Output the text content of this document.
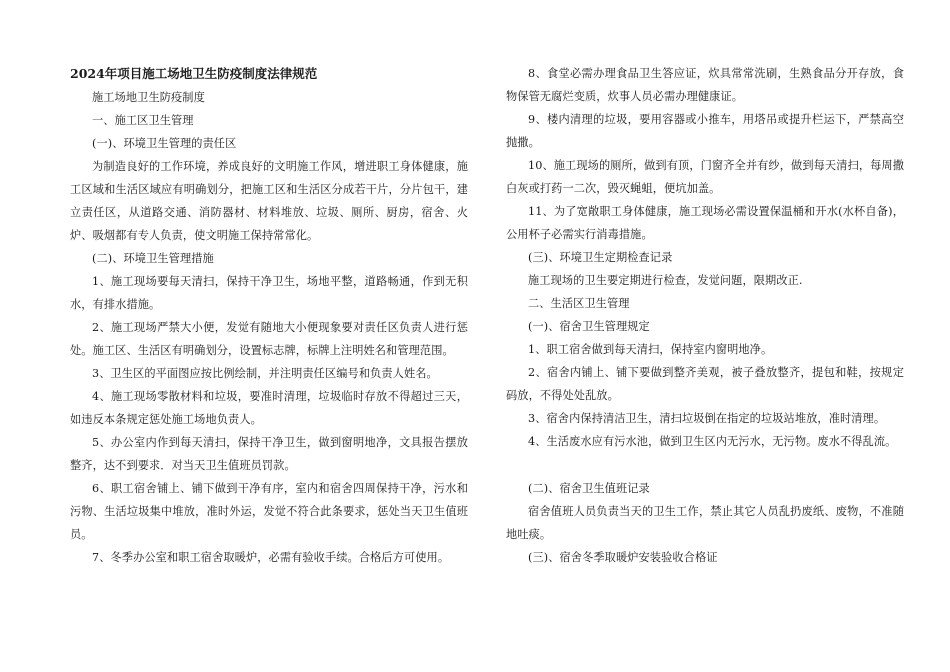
2024年项目施工场地卫生防疫制度法律规范
施工场地卫生防疫制度
一、施工区卫生管理
(一)、环境卫生管理的责任区
为制造良好的工作环境，养成良好的文明施工作风，增进职工身体健康，施工区域和生活区域应有明确划分，把施工区和生活区分成若干片，分片包干，建立责任区，从道路交通、消防器材、材料堆放、垃圾、厕所、厨房，宿舍、火炉、吸烟都有专人负责，使文明施工保持常常化。
(二)、环境卫生管理措施
1、施工现场要每天清扫，保持干净卫生，场地平整，道路畅通，作到无积水，有排水措施。
2、施工现场严禁大小便，发觉有随地大小便现象要对责任区负责人进行惩处。施工区、生活区有明确划分，设置标志牌，标牌上注明姓名和管理范围。
3、卫生区的平面图应按比例绘制，并注明责任区编号和负责人姓名。
4、施工现场零散材料和垃圾，要准时清理，垃圾临时存放不得超过三天，如违反本条规定惩处施工场地负责人。
5、办公室内作到每天清扫，保持干净卫生，做到窗明地净，文具报告摆放整齐，达不到要求．对当天卫生值班员罚款。
6、职工宿舍铺上、铺下做到干净有序，室内和宿舍四周保持干净，污水和污物、生活垃圾集中堆放，准时外运，发觉不符合此条要求，惩处当天卫生值班员。
7、冬季办公室和职工宿舍取暖炉，必需有验收手续。合格后方可使用。
8、食堂必需办理食品卫生答应证，炊具常常洗刷，生熟食品分开存放，食物保管无腐烂变质，炊事人员必需办理健康证。
9、楼内清理的垃圾，要用容器或小推车，用塔吊或提升栏运下，严禁高空抛撒。
10、施工现场的厕所，做到有顶，门窗齐全并有纱，做到每天清扫，每周撒白灰或打药一二次，毁灭蝇蛆，便坑加盖。
11、为了宽敞职工身体健康，施工现场必需设置保温桶和开水(水杯自备)，公用杯子必需实行消毒措施。
(三)、环境卫生定期检查记录
施工现场的卫生要定期进行检查，发觉问题，限期改正.
二、生活区卫生管理
(一)、宿舍卫生管理规定
1、职工宿舍做到每天清扫，保持室内窗明地净。
2、宿舍内铺上、铺下要做到整齐美观，被子叠放整齐，提包和鞋，按规定码放，不得处处乱放。
3、宿舍内保持清洁卫生，清扫垃圾倒在指定的垃圾站堆放，准时清理。
4、生活废水应有污水池，做到卫生区内无污水，无污物。废水不得乱流。
(二)、宿舍卫生值班记录
宿舍值班人员负责当天的卫生工作，禁止其它人员乱扔废纸、废物，不准随地吐痰。
(三)、宿舍冬季取暖炉安装验收合格证
